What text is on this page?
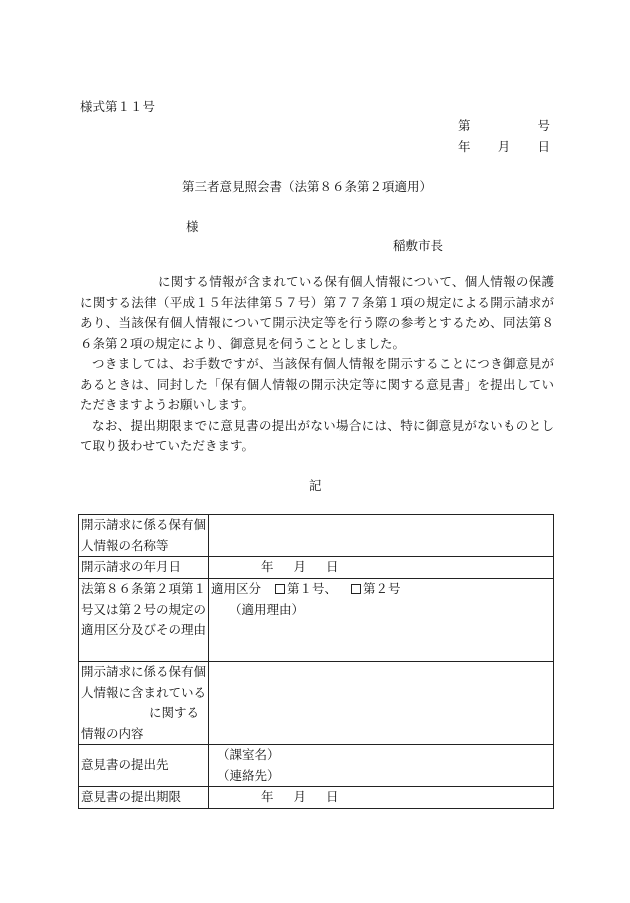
様式第１１号
第	号
年 月 日
第三者意見照会書（法第８６条第２項適用）
様
稲敷市長

に関する情報が含まれている保有個人情報について、個人情報の保護に関する法律（平成１５年法律第５７号）第７７条第１項の規定による開示請求があり、当該保有個人情報について開示決定等を行う際の参考とするため、同法第８６条第２項の規定により、御意見を伺うこととしました。

つきましては、お手数ですが、当該保有個人情報を開示することにつき御意見があるときは、同封した「保有個人情報の開示決定等に関する意見書」を提出していただきますようお願いします。

なお、提出期限までに意見書の提出がない場合には、特に御意見がないものとして取り扱わせていただきます。

記
開示請求に係る保有個人情報の名称等	
開示請求の年月日	年 月 日

法第８６条第２項第１号又は第２号の規定の適用区分及びその理由	適用区分 第１号、 第２号
（適用理由）

開示請求に係る保有個人情報に含まれているに関する情報の内容	
意見書の提出先	（課室名）
（連絡先）

意見書の提出期限	年 月 日
